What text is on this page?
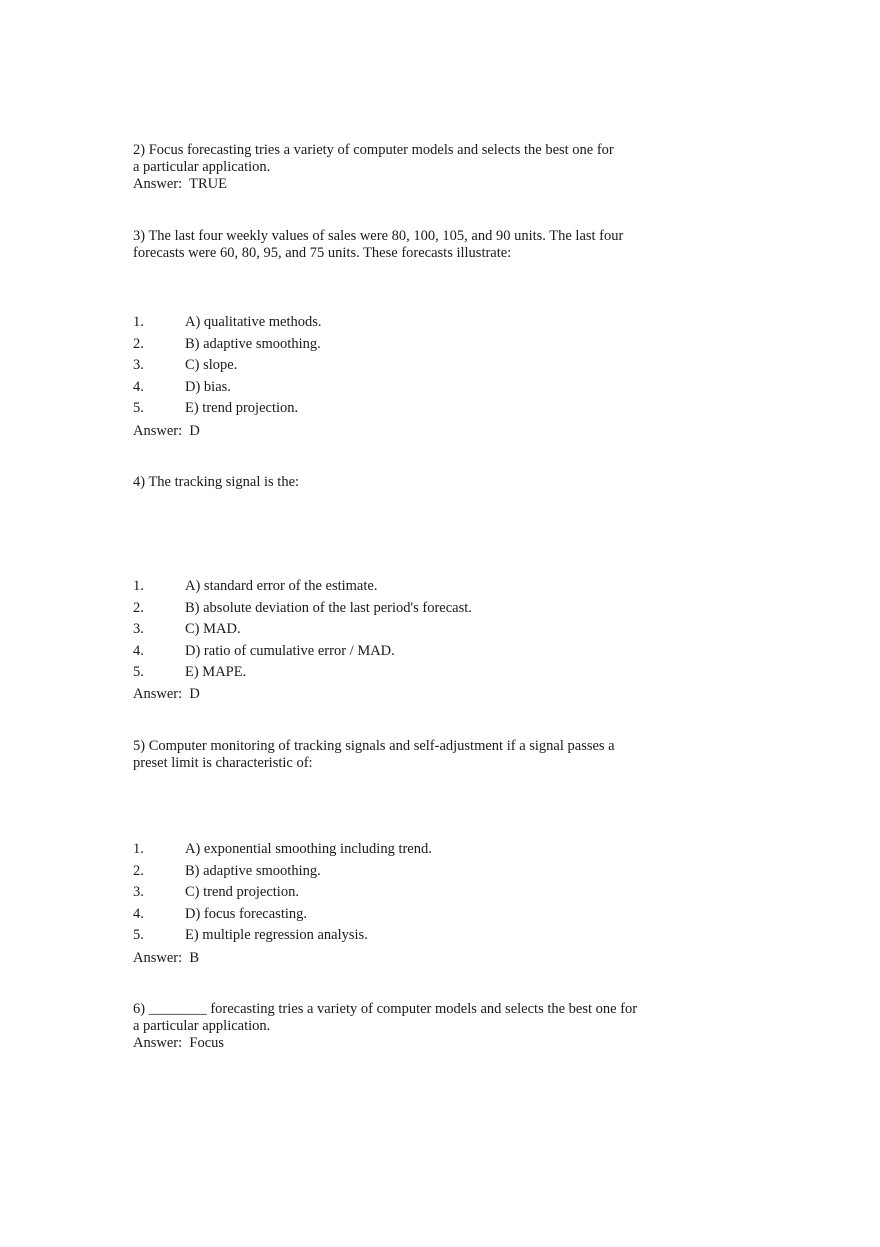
2) Focus forecasting tries a variety of computer models and selects the best one for
a particular application.
Answer:  TRUE
3) The last four weekly values of sales were 80, 100, 105, and 90 units. The last four
forecasts were 60, 80, 95, and 75 units. These forecasts illustrate:
1.	A) qualitative methods.
2.	B) adaptive smoothing.
3.	C) slope.
4.	D) bias.
5.	E) trend projection.
Answer:  D
4) The tracking signal is the:
1.	A) standard error of the estimate.
2.	B) absolute deviation of the last period's forecast.
3.	C) MAD.
4.	D) ratio of cumulative error / MAD.
5.	E) MAPE.
Answer:  D
5) Computer monitoring of tracking signals and self-adjustment if a signal passes a
preset limit is characteristic of:
1.	A) exponential smoothing including trend.
2.	B) adaptive smoothing.
3.	C) trend projection.
4.	D) focus forecasting.
5.	E) multiple regression analysis.
Answer:  B
6) ________ forecasting tries a variety of computer models and selects the best one for
a particular application.
Answer:  Focus
